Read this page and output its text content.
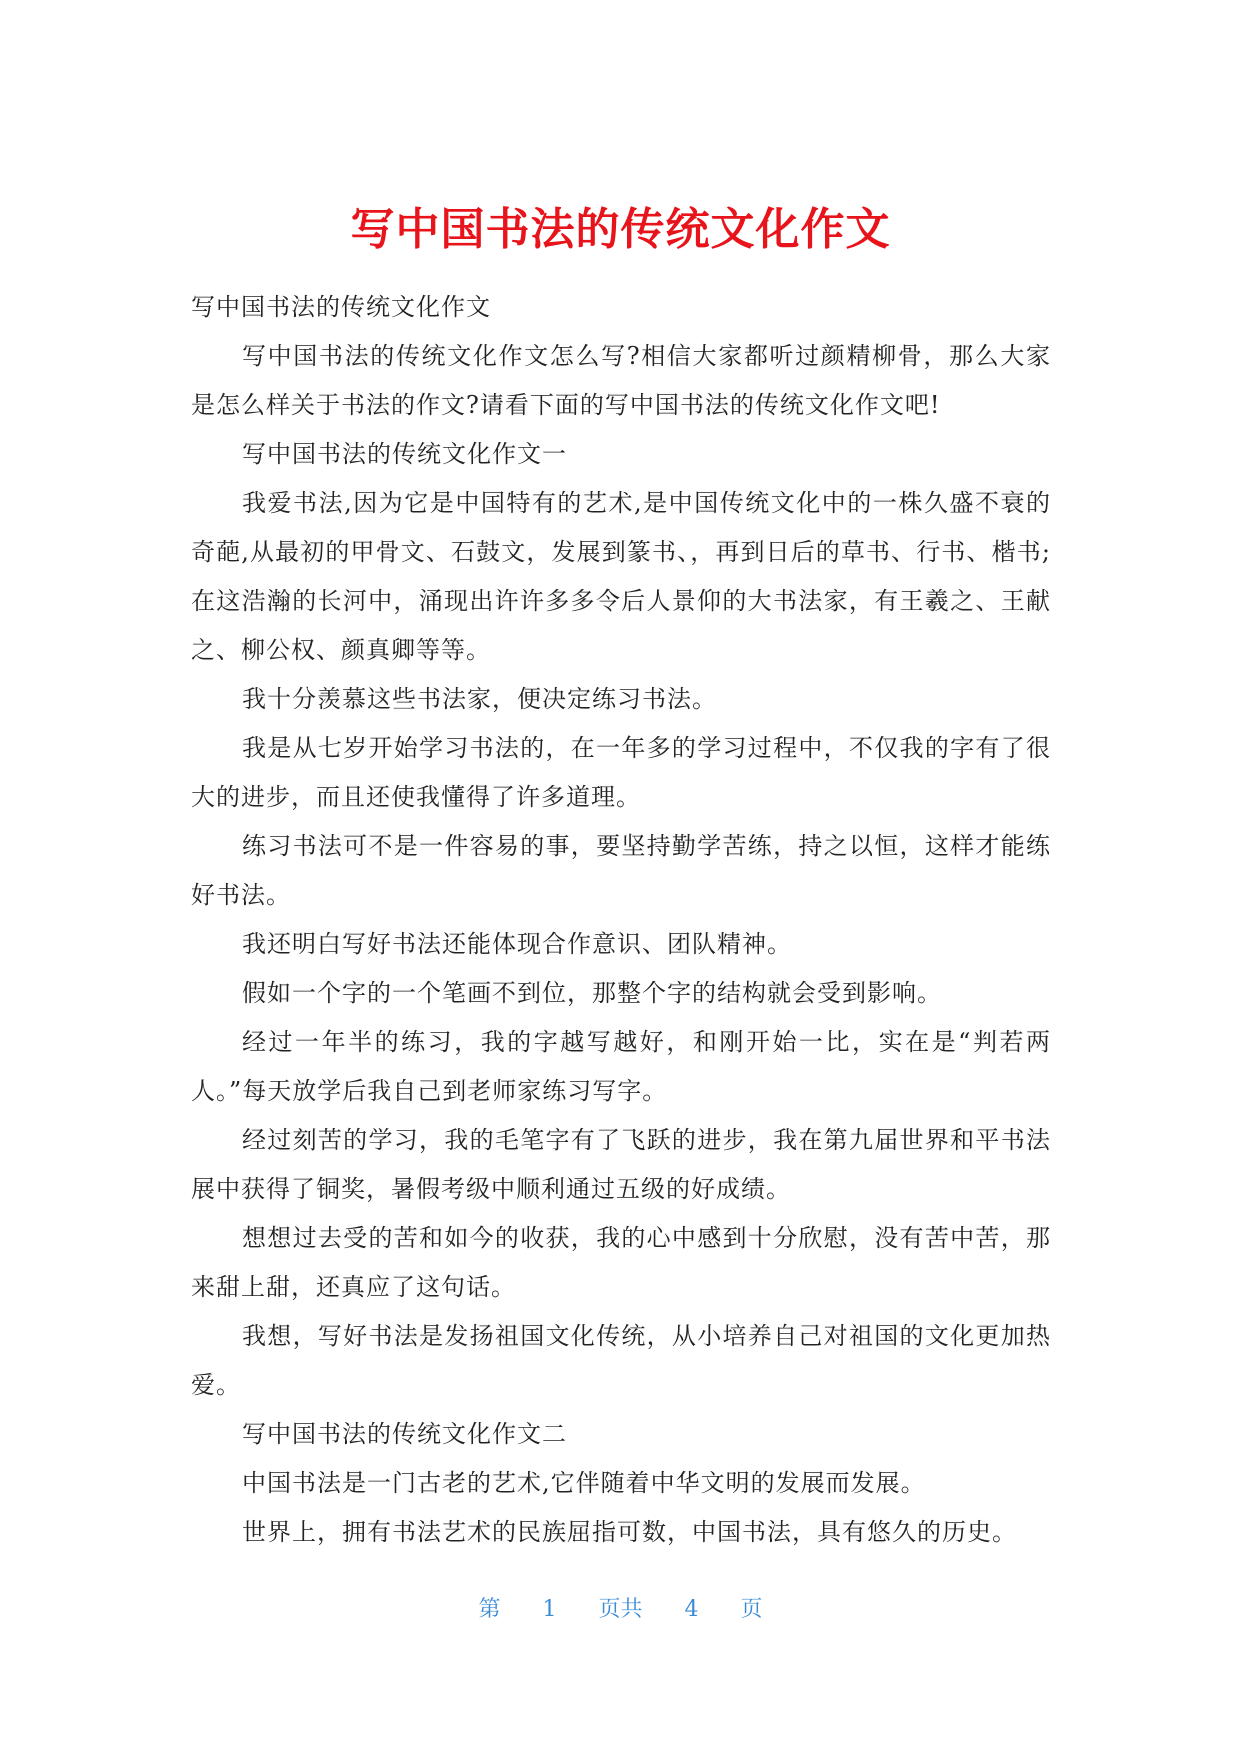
写中国书法的传统文化作文

写中国书法的传统文化作文

写中国书法的传统文化作文怎么写?相信大家都听过颜精柳骨，那么大家是怎么样关于书法的作文?请看下面的写中国书法的传统文化作文吧!

写中国书法的传统文化作文一

我爱书法,因为它是中国特有的艺术,是中国传统文化中的一株久盛不衰的奇葩,从最初的甲骨文、石鼓文，发展到篆书、，再到日后的草书、行书、楷书;在这浩瀚的长河中，涌现出许许多多令后人景仰的大书法家，有王羲之、王献之、柳公权、颜真卿等等。

我十分羡慕这些书法家，便决定练习书法。

我是从七岁开始学习书法的，在一年多的学习过程中，不仅我的字有了很大的进步，而且还使我懂得了许多道理。

练习书法可不是一件容易的事，要坚持勤学苦练，持之以恒，这样才能练好书法。

我还明白写好书法还能体现合作意识、团队精神。

假如一个字的一个笔画不到位，那整个字的结构就会受到影响。

经过一年半的练习，我的字越写越好，和刚开始一比，实在是“判若两人。”每天放学后我自己到老师家练习写字。

经过刻苦的学习，我的毛笔字有了飞跃的进步，我在第九届世界和平书法展中获得了铜奖，暑假考级中顺利通过五级的好成绩。

想想过去受的苦和如今的收获，我的心中感到十分欣慰，没有苦中苦，那来甜上甜，还真应了这句话。

我想，写好书法是发扬祖国文化传统，从小培养自己对祖国的文化更加热爱。

写中国书法的传统文化作文二

中国书法是一门古老的艺术,它伴随着中华文明的发展而发展。

世界上，拥有书法艺术的民族屈指可数，中国书法，具有悠久的历史。

第 1 页共 4 页
